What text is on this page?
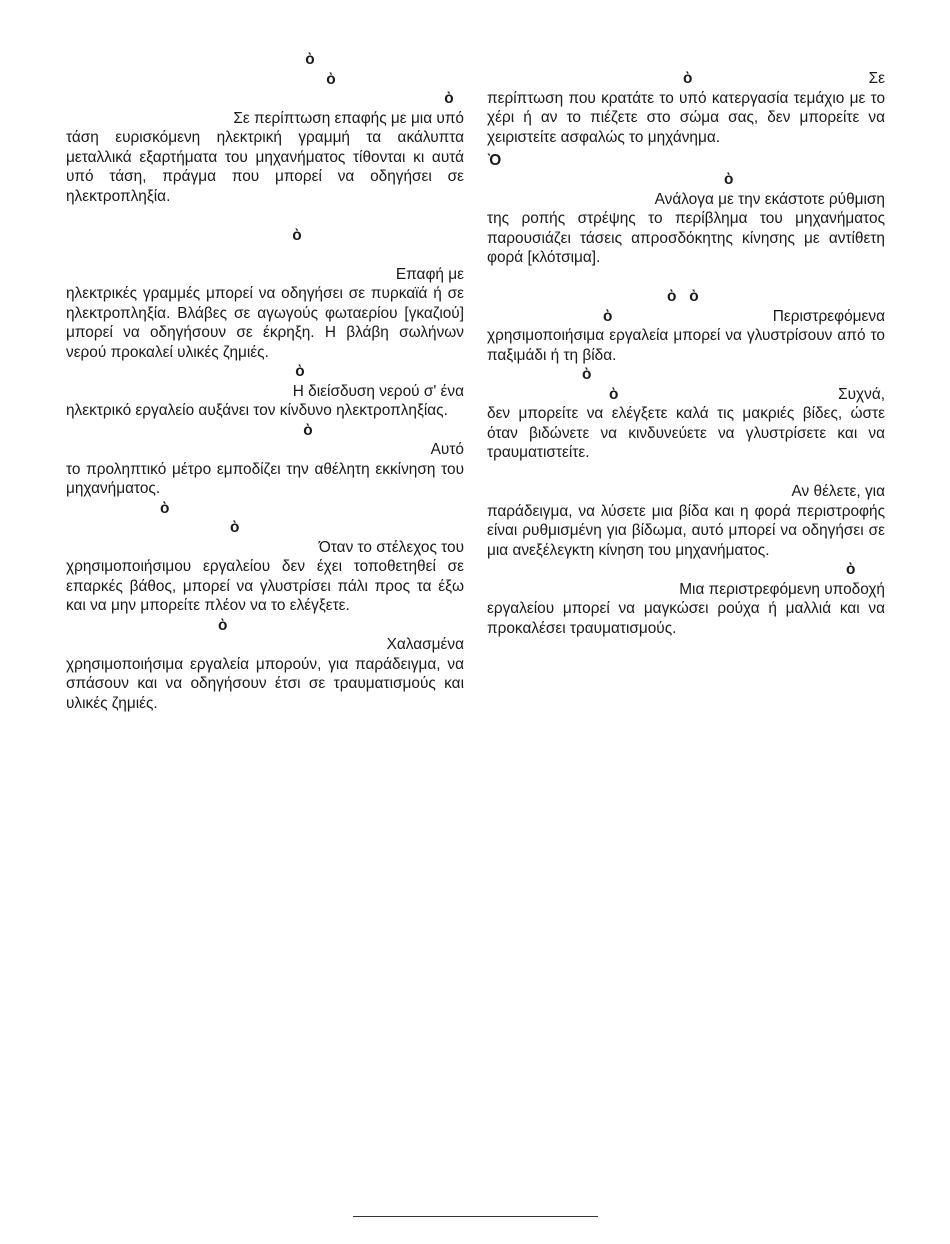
ὸ
ὸ
ὸ
Σε περίπτωση επαφής με μια υπό
τάση ευρισκόμενη ηλεκτρική γραμμή τα ακάλυπτα μεταλλικά εξαρτήματα του μηχανήματος τίθονται κι αυτά υπό τάση, πράγμα που μπορεί να οδηγήσει σε ηλεκτροπληξία.
ὸ
Επαφή με
ηλεκτρικές γραμμές μπορεί να οδηγήσει σε πυρκαϊά ή σε ηλεκτροπληξία. Βλάβες σε αγωγούς φωταερίου [γκαζιού] μπορεί να οδηγήσουν σε έκρηξη. Η βλάβη σωλήνων νερού προκαλεί υλικές ζημιές.
ὸ
Η διείσδυση νερού σ' ένα
ηλεκτρικό εργαλείο αυξάνει τον κίνδυνο ηλεκτροπληξίας.
ὸ
Αυτό
το προληπτικό μέτρο εμποδίζει την αθέλητη εκκίνηση του μηχανήματος.
ὸ
ὸ
Όταν το στέλεχος του
χρησιμοποιήσιμου εργαλείου δεν έχει τοποθετηθεί σε επαρκές βάθος, μπορεί να γλυστρίσει πάλι προς τα έξω και να μην μπορείτε πλέον να το ελέγξετε.
ὸ
Χαλασμένα
χρησιμοποιήσιμα εργαλεία μπορούν, για παράδειγμα, να σπάσουν και να οδηγήσουν έτσι σε τραυματισμούς και υλικές ζημιές.
ὸ	Σε
περίπτωση που κρατάτε το υπό κατεργασία τεμάχιο με το χέρι ή αν το πιέζετε στο σώμα σας, δεν μπορείτε να χειριστείτε ασφαλώς το μηχάνημα.
Ὸ
ὸ
Ανάλογα με την εκάστοτε ρύθμιση
της ροπής στρέψης το περίβλημα του μηχανήματος παρουσιάζει τάσεις απροσδόκητης κίνησης με αντίθετη φορά [κλότσιμα].
ὸ   ὸ
ὸ	Περιστρεφόμενα
χρησιμοποιήσιμα εργαλεία μπορεί να γλυστρίσουν από το παξιμάδι ή τη βίδα.
ὸ
ὸ	Συχνά,
δεν μπορείτε να ελέγξετε καλά τις μακριές βίδες, ώστε όταν βιδώνετε να κινδυνεύετε να γλυστρίσετε και να τραυματιστείτε.
Αν θέλετε, για
παράδειγμα, να λύσετε μια βίδα και η φορά περιστροφής είναι ρυθμισμένη για βίδωμα, αυτό μπορεί να οδηγήσει σε μια ανεξέλεγκτη κίνηση του μηχανήματος.
ὸ
Μια περιστρεφόμενη υποδοχή
εργαλείου μπορεί να μαγκώσει ρούχα ή μαλλιά και να προκαλέσει τραυματισμούς.
